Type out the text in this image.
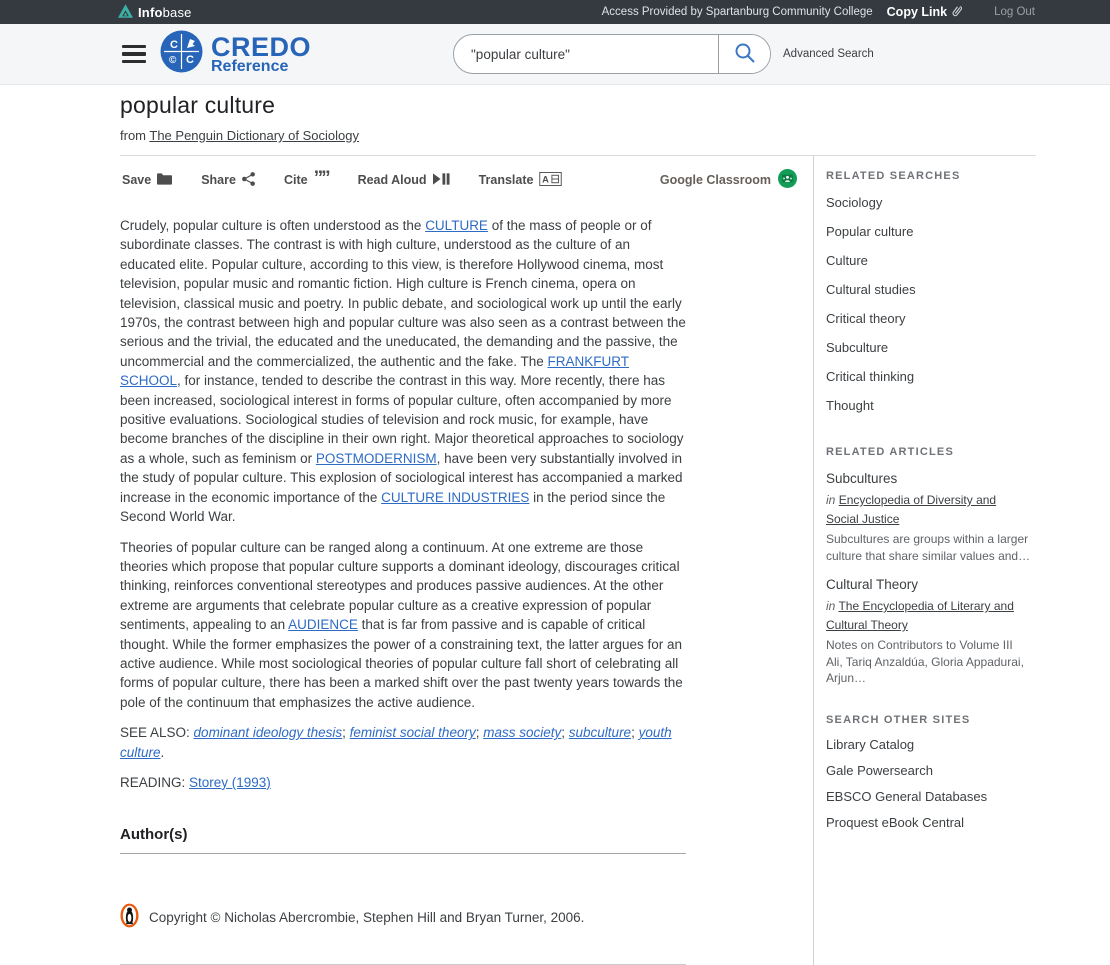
Infobase	Access Provided by Spartanburg Community College Copy Link	Log Out
C
© C CREDO
Reference
"popular culture"
Advanced Search
popular culture
from The Penguin Dictionary of Sociology
Save	Share	Cite ”” Read Aloud	Translate A	Google Classroom

Crudely, popular culture is often understood as the CULTURE of the mass of people or of subordinate classes. The contrast is with high culture, understood as the culture of an educated elite. Popular culture, according to this view, is therefore Hollywood cinema, most television, popular music and romantic fiction. High culture is French cinema, opera on television, classical music and poetry. In public debate, and sociological work up until the early 1970s, the contrast between high and popular culture was also seen as a contrast between the serious and the trivial, the educated and the uneducated, the demanding and the passive, the uncommercial and the commercialized, the authentic and the fake. The FRANKFURT SCHOOL, for instance, tended to describe the contrast in this way. More recently, there has been increased, sociological interest in forms of popular culture, often accompanied by more positive evaluations. Sociological studies of television and rock music, for example, have become branches of the discipline in their own right. Major theoretical approaches to sociology as a whole, such as feminism or POSTMODERNISM, have been very substantially involved in the study of popular culture. This explosion of sociological interest has accompanied a marked increase in the economic importance of the CULTURE INDUSTRIES in the period since the Second World War.

Theories of popular culture can be ranged along a continuum. At one extreme are those theories which propose that popular culture supports a dominant ideology, discourages critical thinking, reinforces conventional stereotypes and produces passive audiences. At the other extreme are arguments that celebrate popular culture as a creative expression of popular sentiments, appealing to an AUDIENCE that is far from passive and is capable of critical thought. While the former emphasizes the power of a constraining text, the latter argues for an active audience. While most sociological theories of popular culture fall short of celebrating all forms of popular culture, there has been a marked shift over the past twenty years towards the pole of the continuum that emphasizes the active audience.

SEE ALSO: dominant ideology thesis; feminist social theory; mass society; subculture; youth culture.

READING: Storey (1993)

Author(s)
Copyright © Nicholas Abercrombie, Stephen Hill and Bryan Turner, 2006.
RELATED SEARCHES
Sociology
Popular culture
Culture
Cultural studies
Critical theory
Subculture
Critical thinking
Thought
RELATED ARTICLES
Subcultures
in Encyclopedia of Diversity and Social Justice
Subcultures are groups within a larger culture that share similar values and…
Cultural Theory
in The Encyclopedia of Literary and Cultural Theory
Notes on Contributors to Volume III Ali, Tariq Anzaldúa, Gloria Appadurai, Arjun…
SEARCH OTHER SITES
Library Catalog
Gale Powersearch
EBSCO General Databases
Proquest eBook Central
